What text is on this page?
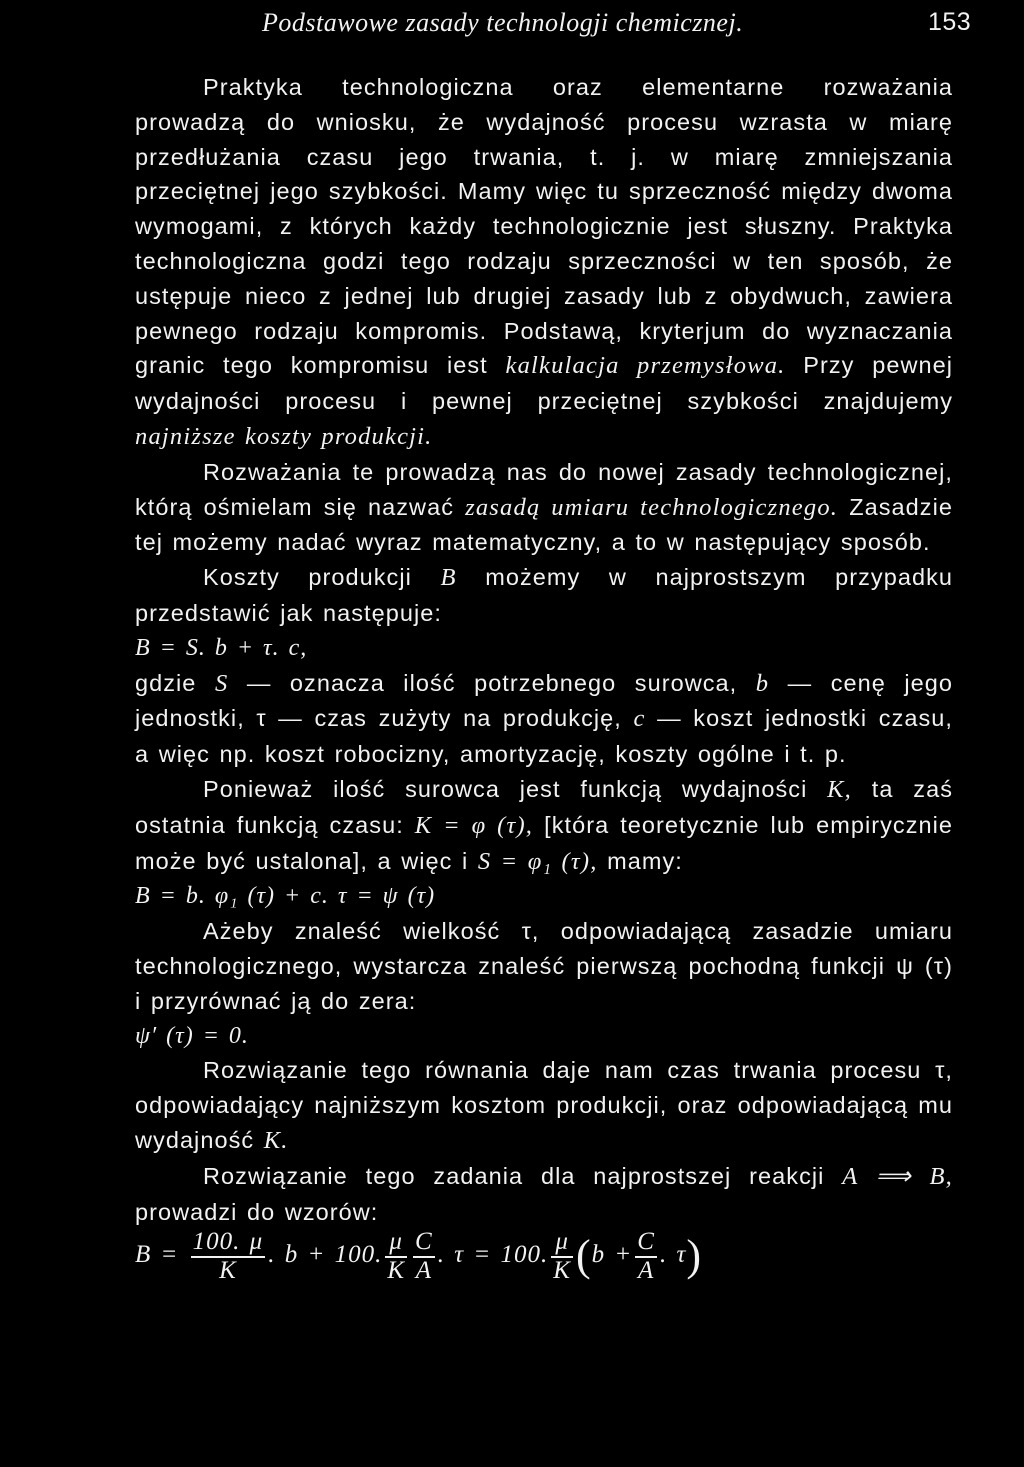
Podstawowe zasady technologji chemicznej.	153

Praktyka technologiczna oraz elementarne rozważania prowadzą do wniosku, że wydajność procesu wzrasta w miarę przedłużania czasu jego trwania, t. j. w miarę zmniejszania przeciętnej jego szybkości. Mamy więc tu sprzeczność między dwoma wymogami, z których każdy technologicznie jest słuszny. Praktyka technologiczna godzi tego rodzaju sprzeczności w ten sposób, że ustępuje nieco z jednej lub drugiej zasady lub z obydwuch, zawiera pewnego rodzaju kompromis. Podstawą, kryterjum do wyznaczania granic tego kompromisu iest kalkulacja przemysłowa. Przy pewnej wydajności procesu i pewnej przeciętnej szybkości znajdujemy najniższe koszty produkcji.

Rozważania te prowadzą nas do nowej zasady technologicznej, którą ośmielam się nazwać zasadą umiaru technologicznego. Zasadzie tej możemy nadać wyraz matematyczny, a to w następujący sposób.

Koszty produkcji B możemy w najprostszym przypadku przedstawić jak następuje:

B = S. b + τ. c,

gdzie S — oznacza ilość potrzebnego surowca, b — cenę jego jednostki, τ — czas zużyty na produkcję, c — koszt jednostki czasu, a więc np. koszt robocizny, amortyzację, koszty ogólne i t. p.

Ponieważ ilość surowca jest funkcją wydajności K, ta zaś ostatnia funkcją czasu: K = φ (τ), [która teoretycznie lub empirycznie może być ustalona], a więc i S = φ₁ (τ), mamy:

B = b. φ₁ (τ) + c. τ = ψ (τ)

Ażeby znaleść wielkość τ, odpowiadającą zasadzie umiaru technologicznego, wystarcza znaleść pierwszą pochodną funkcji ψ (τ) i przyrównać ją do zera:

ψ′ (τ) = 0.

Rozwiązanie tego równania daje nam czas trwania procesu τ, odpowiadający najniższym kosztom produkcji, oraz odpowiadającą mu wydajność K.

Rozwiązanie tego zadania dla najprostszej reakcji A ⟹ B, prowadzi do wzorów:

$B = \frac{100. \mu}{K}$ . b + 100. $\frac{\mu}{K} \frac{C}{A}$ . τ = 100. $\frac{\mu}{K} (b + \frac{C}{A}$ . τ)
